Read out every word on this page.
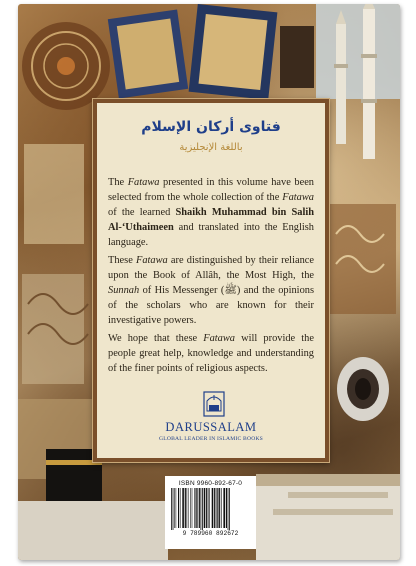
فتاوى أركان الإسلام
باللغة الإنجليزية

The Fatawa presented in this volume have been selected from the whole collection of the Fatawa of the learned Shaikh Muhammad bin Salih Al-‘Uthaimeen and translated into the English language.

These Fatawa are distinguished by their reliance upon the Book of Allâh, the Most High, the Sunnah of His Messenger (ﷺ) and the opinions of the scholars who are known for their investigative powers.

We hope that these Fatawa will provide the people great help, knowledge and understanding of the finer points of religious aspects.

DARUSSALAM
GLOBAL LEADER IN ISLAMIC BOOKS
ISBN 9960-892-67-0
9 789960 892672
